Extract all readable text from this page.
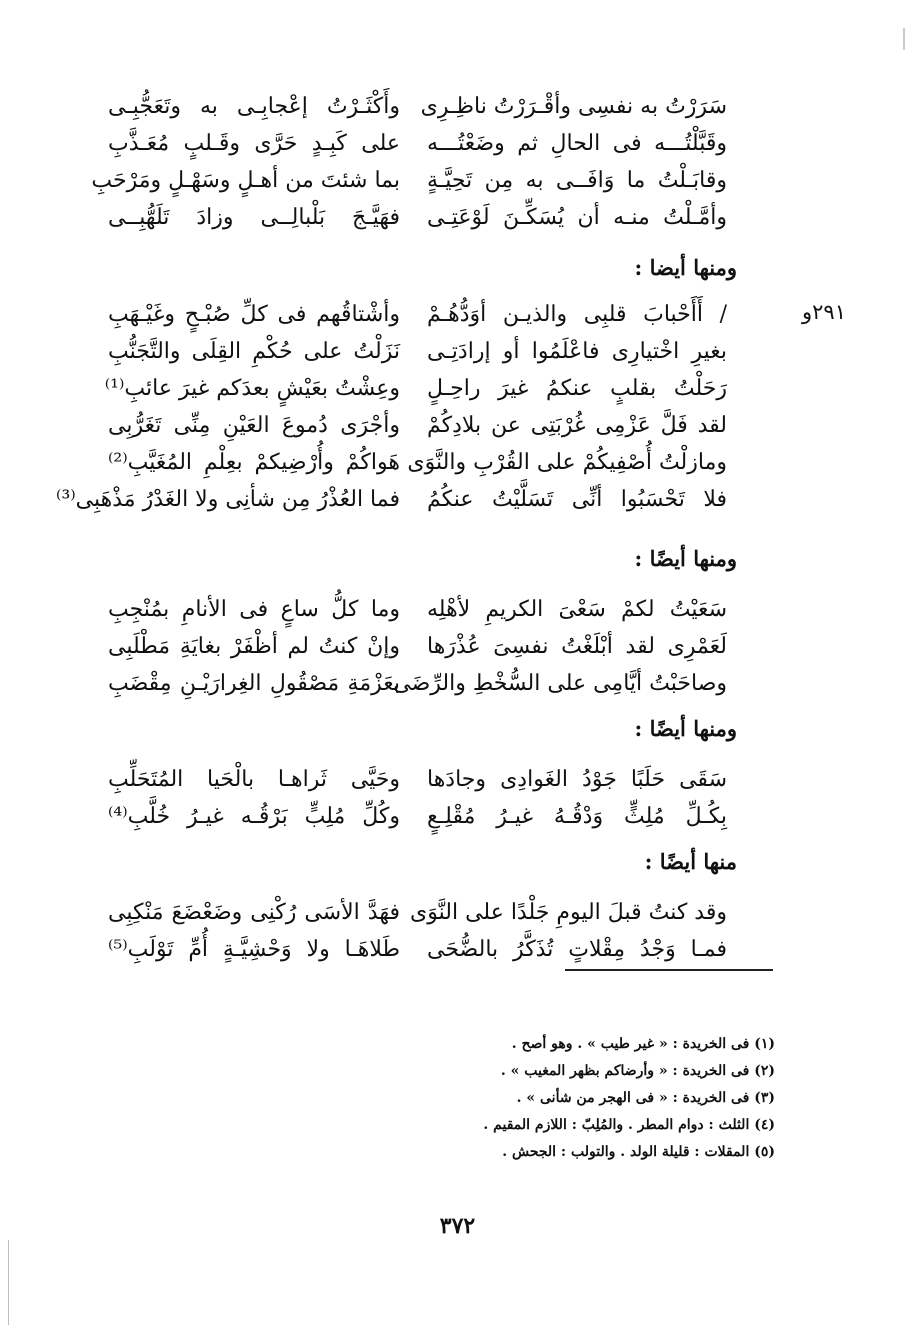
٢٩١و
سَرَرْتُ به نفسِى وأقْـرَرْتُ ناظِـرِى
وأَكْثَـرْتُ إعْجابِـى به وتَعَجُّبِـى
وقَبَّلْتُـــه فى الحالِ ثم وضَعْتُـــه
على كَبِـدٍ حَرَّى وقَـلبٍ مُعَـذَّبِ
وقابَـلْتُ ما وَافَــى به مِن تَحِيَّـةٍ
بما شئتَ من أهـلٍ وسَهْـلٍ ومَرْحَبِ
وأمَّـلْتُ منـه أن يُسَكِّـنَ لَوْعَتِـى
فهَيَّـجَ بَلْبالِــى وزادَ تَلَهُّبِــى
ومنها أيضا :
/ أَأَحْبابَ قلبِى والذيـن أوَدُّهُـمْ
وأشْتاقُهم فى كلِّ صُبْـحٍ وغَيْـهَبِ
بغيرِ اخْتيارِى فاعْلَمُوا أو إرادَتِـى
نَزَلْتُ على حُكْمِ القِلَى والتَّجَنُّبِ
رَحَلْتُ بقلبٍ عنكمُ غيرَ راحِـلٍ
وعِشْتُ بعَيْشٍ بعدَكم غيرَ عائبِ⁽¹⁾
لقد فَلَّ عَزْمِى غُرْبَتِى عن بلادِكُمْ
وأجْرَى دُموعَ العَيْنِ مِنِّى تَغَرُّبِى
ومازلْتُ أُصْفِيكُمْ على القُرْبِ والنَّوَى
هَواكُمْ وأُرْضِيكمْ بعِلْمِ المُغَيَّبِ⁽²⁾
فلا تَحْسَبُوا أنِّى تَسَلَّيْتُ عنكُمُ
فما العُذْرُ مِن شأنِى ولا الغَدْرُ مَذْهَبِى⁽³⁾
ومنها أيضًا :
سَعَيْتُ لكمْ سَعْىَ الكريمِ لأهْلِه
وما كلُّ ساعٍ فى الأنامِ بمُنْجِبِ
لَعَمْرِى لقد أبْلَغْتُ نفسِىَ عُذْرَها
وإنْ كنتُ لم أظْفَرْ بغايَةِ مَطْلَبِى
وصاحَبْتُ أيَّامِى على السُّخْطِ والرِّضَى
بعَزْمَةِ مَصْقُولِ الغِرارَيْـنِ مِقْضَبِ
ومنها أيضًا :
سَقَى حَلَبًا جَوْدُ الغَوادِى وجادَها
وحَيَّى ثَراهـا بالْحَيا المُتَحَلِّبِ
بِكُـلِّ مُلِثٍّ وَدْقُـهُ غيـرُ مُقْلِـعٍ
وكُلِّ مُلِبٍّ بَرْقُـه غيـرُ خُلَّبِ⁽⁴⁾
منها أيضًا :
وقد كنتُ قبلَ اليومِ جَلْدًا على النَّوَى
فهَدَّ الأسَى رُكْنِى وضَعْضَعَ مَنْكِبِى
فمـا وَجْدُ مِقْلاتٍ تُذَكَّرُ بالضُّحَى
طَلاهَـا ولا وَحْشِيَّـةٍ أُمِّ تَوْلَبِ⁽⁵⁾
(١) فى الخريدة : « غير طيب » . وهو أصح .
(٢) فى الخريدة : « وأرضاكم بظهر المغيب » .
(٣) فى الخريدة : « فى الهجر من شأنى » .
(٤) الثلث : دوام المطر . والمُلِبّ : اللازم المقيم .
(٥) المقلات : قليلة الولد . والتولب : الجحش .
٣٧٢
